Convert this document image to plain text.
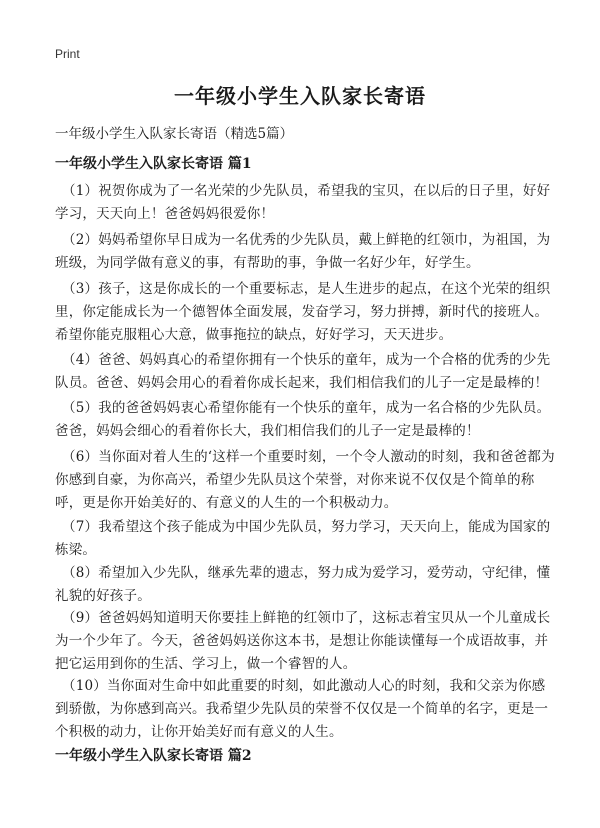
Print
一年级小学生入队家长寄语
一年级小学生入队家长寄语（精选5篇）
一年级小学生入队家长寄语 篇1
（1）祝贺你成为了一名光荣的少先队员，希望我的宝贝，在以后的日子里，好好学习，天天向上！爸爸妈妈很爱你！
（2）妈妈希望你早日成为一名优秀的少先队员，戴上鲜艳的红领巾，为祖国，为班级，为同学做有意义的事，有帮助的事，争做一名好少年，好学生。
（3）孩子，这是你成长的一个重要标志，是人生进步的起点，在这个光荣的组织里，你定能成长为一个德智体全面发展，发奋学习，努力拼搏，新时代的接班人。希望你能克服粗心大意，做事拖拉的缺点，好好学习，天天进步。
（4）爸爸、妈妈真心的希望你拥有一个快乐的童年，成为一个合格的优秀的少先队员。爸爸、妈妈会用心的看着你成长起来，我们相信我们的儿子一定是最棒的！
（5）我的爸爸妈妈衷心希望你能有一个快乐的童年，成为一名合格的少先队员。爸爸，妈妈会细心的看着你长大，我们相信我们的儿子一定是最棒的！
（6）当你面对着人生的‘这样一个重要时刻，一个令人激动的时刻，我和爸爸都为你感到自豪，为你高兴，希望少先队员这个荣誉，对你来说不仅仅是个简单的称呼，更是你开始美好的、有意义的人生的一个积极动力。
（7）我希望这个孩子能成为中国少先队员，努力学习，天天向上，能成为国家的栋梁。
（8）希望加入少先队，继承先辈的遗志，努力成为爱学习，爱劳动，守纪律，懂礼貌的好孩子。
（9）爸爸妈妈知道明天你要挂上鲜艳的红领巾了，这标志着宝贝从一个儿童成长为一个少年了。今天，爸爸妈妈送你这本书，是想让你能读懂每一个成语故事，并把它运用到你的生活、学习上，做一个睿智的人。
（10）当你面对生命中如此重要的时刻，如此激动人心的时刻，我和父亲为你感到骄傲，为你感到高兴。我希望少先队员的荣誉不仅仅是一个简单的名字，更是一个积极的动力，让你开始美好而有意义的人生。
一年级小学生入队家长寄语 篇2
